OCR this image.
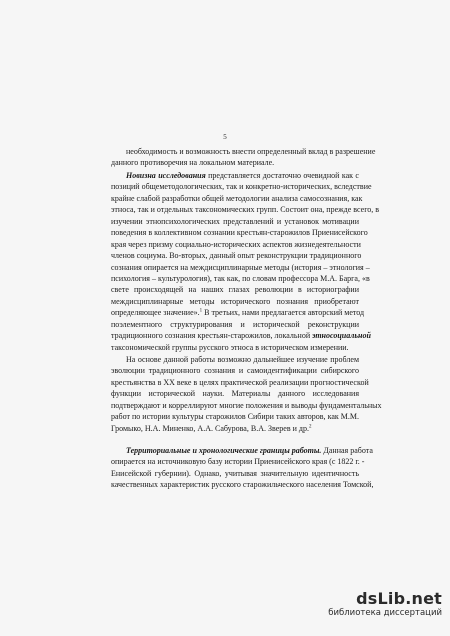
5
необходимость и возможность внести определенный вклад в разрешение
данного противоречия на локальном материале.
Новизна исследования представляется достаточно очевидной как с
позиций общеметодологических, так и конкретно-исторических, вследствие
крайне слабой разработки общей методологии анализа самосознания, как
этноса, так и отдельных таксономических групп. Состоит она, прежде всего, в
изучении этнопсихологических представлений и установок мотивации
поведения в коллективном сознании крестьян-старожилов Приенисейского
края через призму социально-исторических аспектов жизнедеятельности
членов социума. Во-вторых, данный опыт реконструкции традиционного
сознания опирается на междисциплинарные методы (история – этнология –
психология – культурология), так как, по словам профессора М.А. Барга, «в
свете происходящей на наших глазах революции в историографии
междисциплинарные методы исторического познания приобретают
определяющее значение».$^1$ В третьих, нами предлагается авторский метод
поэлементного структурирования и исторической реконструкции
традиционного сознания крестьян-старожилов, локальной этносоциальной
таксономической группы русского этноса в историческом измерении.
На основе данной работы возможно дальнейшее изучение проблем
эволюции традиционного сознания и самоидентификации сибирского
крестьянства в XX веке в целях практической реализации прогностической
функции исторической науки. Материалы данного исследования
подтверждают и корреллируют многие положения и выводы фундаментальных
работ по истории культуры старожилов Сибири таких авторов, как М.М.
Громыко, Н.А. Миненко, А.А. Сабурова, В.А. Зверев и др.$^2$
Территориальные и хронологические границы работы. Данная работа
опирается на источниковую базу истории Приенисейского края (с 1822 г. -
Енисейской губернии). Однако, учитывая значительную идентичность
качественных характеристик русского старожильческого населения Томской,
dsLib.net
библиотека диссертаций
